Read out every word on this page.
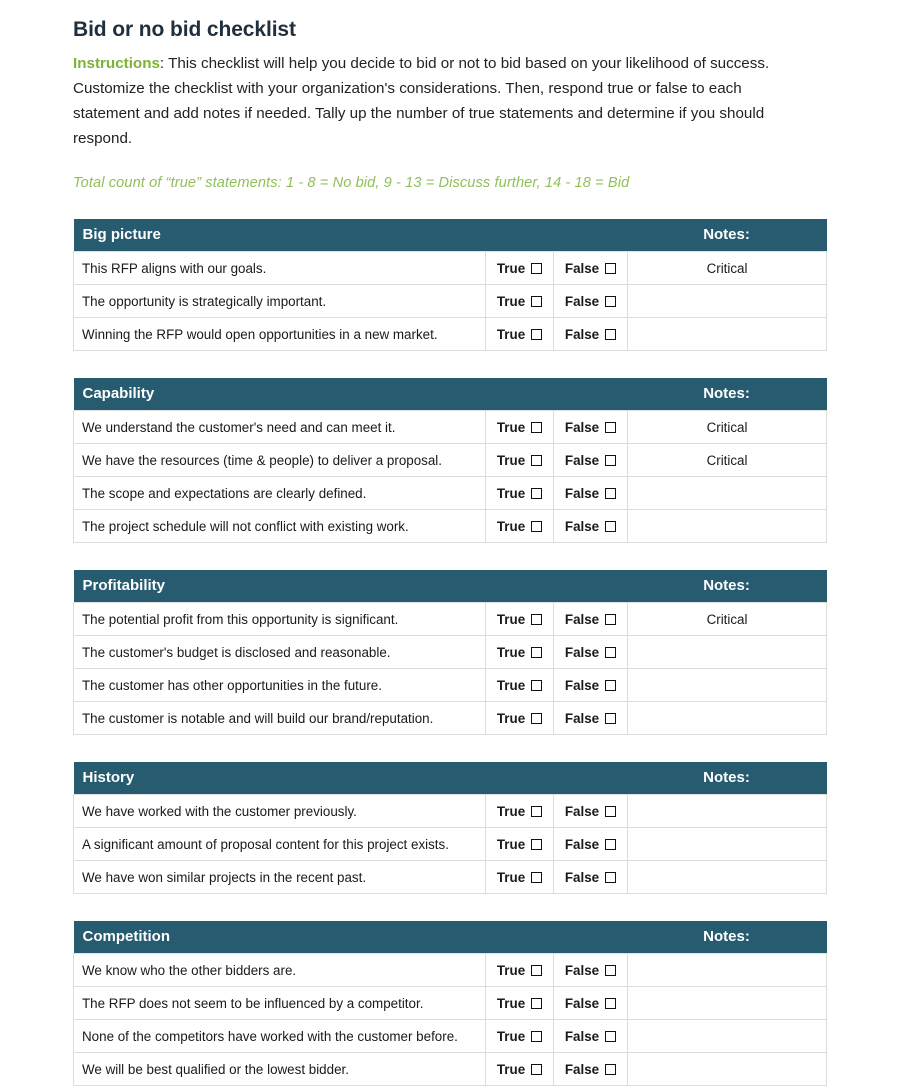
Bid or no bid checklist

Instructions: This checklist will help you decide to bid or not to bid based on your likelihood of success. Customize the checklist with your organization's considerations. Then, respond true or false to each statement and add notes if needed. Tally up the number of true statements and determine if you should respond.

Total count of “true” statements: 1 - 8 = No bid, 9 - 13 = Discuss further, 14 - 18 = Bid

Big picture			Notes:
This RFP aligns with our goals.	True	False	Critical
The opportunity is strategically important.	True	False	
Winning the RFP would open opportunities in a new market.	True	False	
Capability			Notes:
We understand the customer's need and can meet it.	True	False	Critical
We have the resources (time & people) to deliver a proposal.	True	False	Critical
The scope and expectations are clearly defined.	True	False	
The project schedule will not conflict with existing work.	True	False	
Profitability			Notes:
The potential profit from this opportunity is significant.	True	False	Critical
The customer's budget is disclosed and reasonable.	True	False	
The customer has other opportunities in the future.	True	False	
The customer is notable and will build our brand/reputation.	True	False	
History			Notes:
We have worked with the customer previously.	True	False	
A significant amount of proposal content for this project exists.	True	False	
We have won similar projects in the recent past.	True	False	
Competition			Notes:
We know who the other bidders are.	True	False	
The RFP does not seem to be influenced by a competitor.	True	False	
None of the competitors have worked with the customer before.	True	False	
We will be best qualified or the lowest bidder.	True	False	
